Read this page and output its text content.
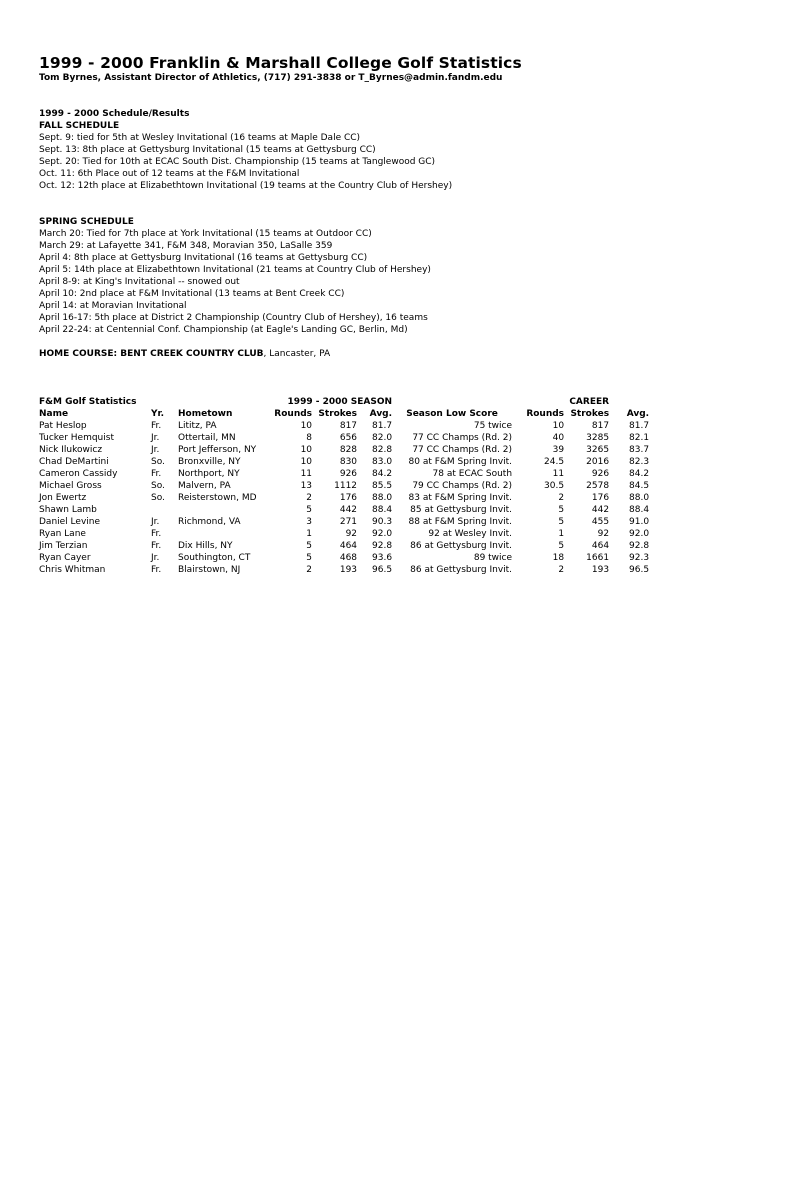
1999 - 2000 Franklin & Marshall College Golf Statistics

Tom Byrnes, Assistant Director of Athletics, (717) 291-3838 or T_Byrnes@admin.fandm.edu

1999 - 2000 Schedule/Results
FALL SCHEDULE
Sept. 9: tied for 5th at Wesley Invitational (16 teams at Maple Dale CC)
Sept. 13: 8th place at Gettysburg Invitational (15 teams at Gettysburg CC)
Sept. 20: Tied for 10th at ECAC South Dist. Championship (15 teams at Tanglewood GC)
Oct. 11: 6th Place out of 12 teams at the F&M Invitational
Oct. 12: 12th place at Elizabethtown Invitational (19 teams at the Country Club of Hershey)
SPRING SCHEDULE
March 20: Tied for 7th place at York Invitational (15 teams at Outdoor CC)
March 29: at Lafayette 341, F&M 348, Moravian 350, LaSalle 359
April 4: 8th place at Gettysburg Invitational (16 teams at Gettysburg CC)
April 5: 14th place at Elizabethtown Invitational (21 teams at Country Club of Hershey)
April 8-9: at King's Invitational -- snowed out
April 10: 2nd place at F&M Invitational (13 teams at Bent Creek CC)
April 14: at Moravian Invitational
April 16-17: 5th place at District 2 Championship (Country Club of Hershey), 16 teams
April 22-24: at Centennial Conf. Championship (at Eagle's Landing GC, Berlin, Md)
HOME COURSE: BENT CREEK COUNTRY CLUB, Lancaster, PA
F&M Golf Statistics			1999 - 2000 SEASON				CAREER		
Name	Yr.	Hometown	Rounds	Strokes	Avg.	Season Low Score	Rounds	Strokes	Avg.
Pat Heslop	Fr.	Lititz, PA	10	817	81.7	75 twice	10	817	81.7
Tucker Hemquist	Jr.	Ottertail, MN	8	656	82.0	77 CC Champs (Rd. 2)	40	3285	82.1
Nick Ilukowicz	Jr.	Port Jefferson, NY	10	828	82.8	77 CC Champs (Rd. 2)	39	3265	83.7
Chad DeMartini	So.	Bronxville, NY	10	830	83.0	80 at F&M Spring Invit.	24.5	2016	82.3
Cameron Cassidy	Fr.	Northport, NY	11	926	84.2	78 at ECAC South	11	926	84.2
Michael Gross	So.	Malvern, PA	13	1112	85.5	79 CC Champs (Rd. 2)	30.5	2578	84.5
Jon Ewertz	So.	Reisterstown, MD	2	176	88.0	83 at F&M Spring Invit.	2	176	88.0
Shawn Lamb			5	442	88.4	85 at Gettysburg Invit.	5	442	88.4
Daniel Levine	Jr.	Richmond, VA	3	271	90.3	88 at F&M Spring Invit.	5	455	91.0
Ryan Lane	Fr.		1	92	92.0	92 at Wesley Invit.	1	92	92.0
Jim Terzian	Fr.	Dix Hills, NY	5	464	92.8	86 at Gettysburg Invit.	5	464	92.8
Ryan Cayer	Jr.	Southington, CT	5	468	93.6	89 twice	18	1661	92.3
Chris Whitman	Fr.	Blairstown, NJ	2	193	96.5	86 at Gettysburg Invit.	2	193	96.5
